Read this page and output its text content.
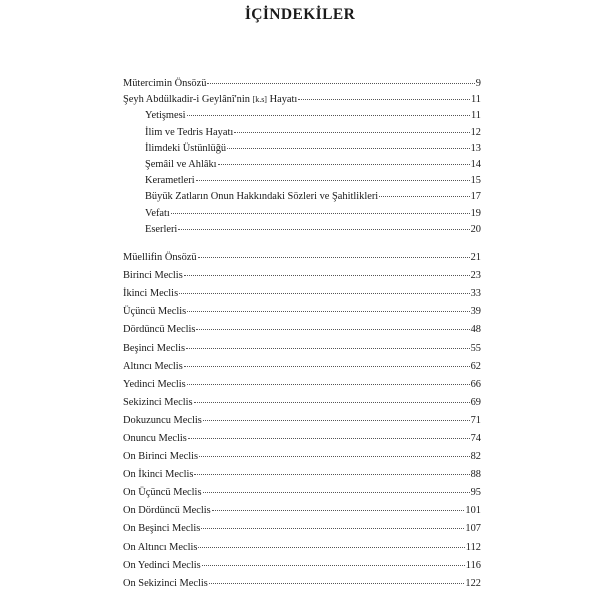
İÇİNDEKİLER
Mütercimin Önsözü	9
Şeyh Abdülkadir-i Geylânî'nin [k.s] Hayatı	11
Yetişmesi	11
İlim ve Tedris Hayatı	12
İlimdeki Üstünlüğü	13
Şemâil ve Ahlâkı	14
Kerametleri	15
Büyük Zatların Onun Hakkındaki Sözleri ve Şahitlikleri	17
Vefatı	19
Eserleri	20
Müellifin Önsözü	21
Birinci Meclis	23
İkinci Meclis	33
Üçüncü Meclis	39
Dördüncü Meclis	48
Beşinci Meclis	55
Altıncı Meclis	62
Yedinci Meclis	66
Sekizinci Meclis	69
Dokuzuncu Meclis	71
Onuncu Meclis	74
On Birinci Meclis	82
On İkinci Meclis	88
On Üçüncü Meclis	95
On Dördüncü Meclis	101
On Beşinci Meclis	107
On Altıncı Meclis	112
On Yedinci Meclis	116
On Sekizinci Meclis	122
